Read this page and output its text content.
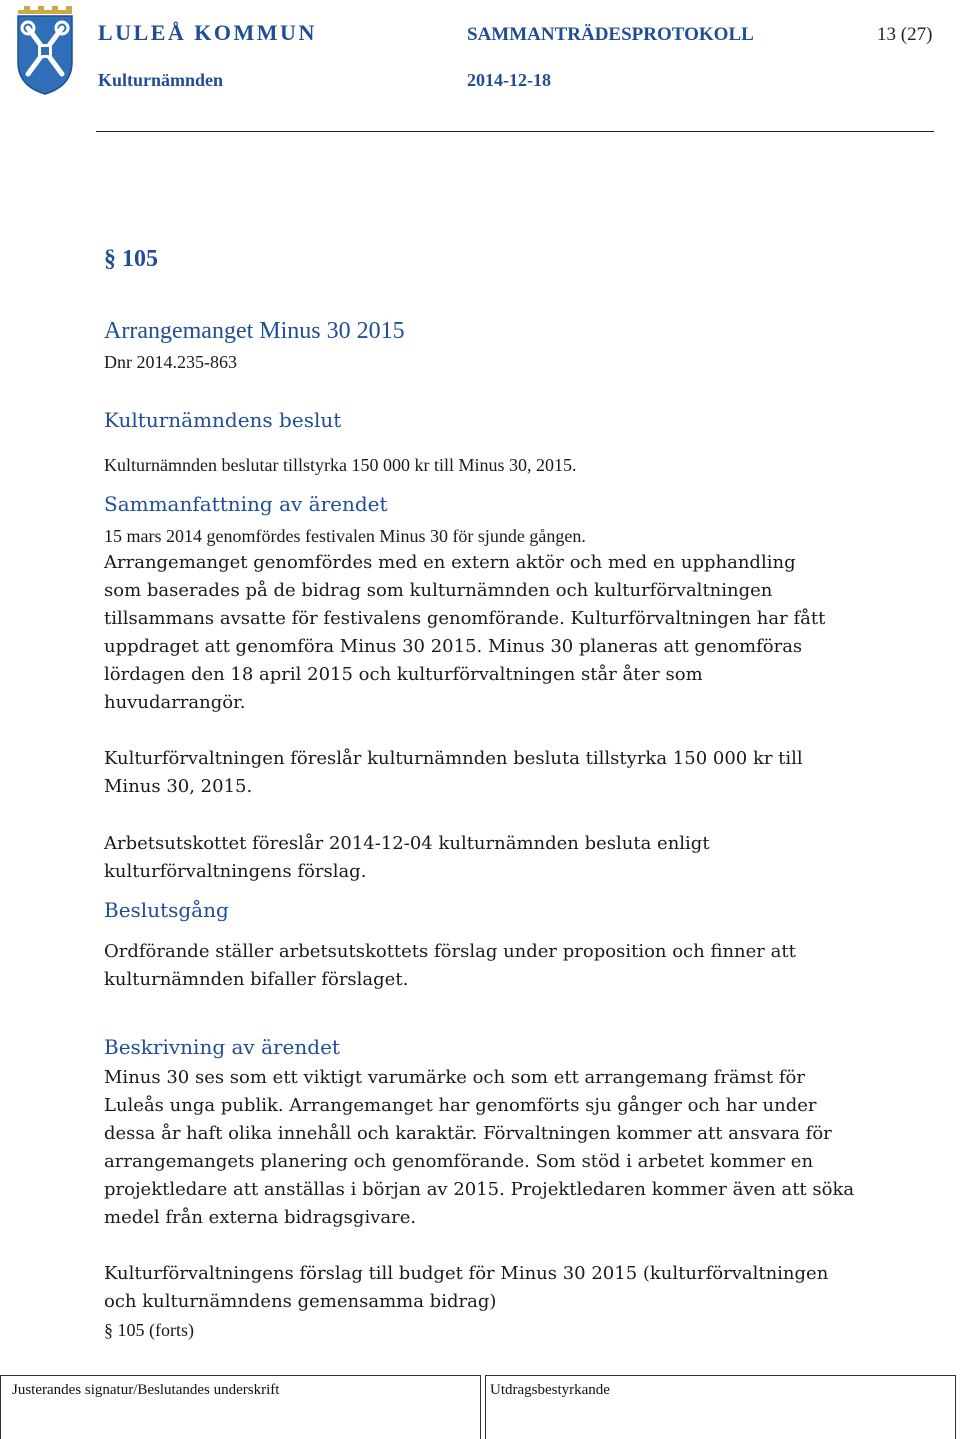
LULEÅ KOMMUN
Kulturnämnden
SAMMANTRÄDESPROTOKOLL
2014-12-18
13 (27)
§ 105
Arrangemanget Minus 30 2015
Dnr 2014.235-863
Kulturnämndens beslut
Kulturnämnden beslutar tillstyrka 150 000 kr till Minus 30, 2015.
Sammanfattning av ärendet
15 mars 2014 genomfördes festivalen Minus 30 för sjunde gången.
Arrangemanget genomfördes med en extern aktör och med en upphandling
som baserades på de bidrag som kulturnämnden och kulturförvaltningen
tillsammans avsatte för festivalens genomförande. Kulturförvaltningen har fått
uppdraget att genomföra Minus 30 2015. Minus 30 planeras att genomföras
lördagen den 18 april 2015 och kulturförvaltningen står åter som
huvudarrangör.
Kulturförvaltningen föreslår kulturnämnden besluta tillstyrka 150 000 kr till
Minus 30, 2015.
Arbetsutskottet föreslår 2014-12-04 kulturnämnden besluta enligt
kulturförvaltningens förslag.
Beslutsgång
Ordförande ställer arbetsutskottets förslag under proposition och finner att
kulturnämnden bifaller förslaget.
Beskrivning av ärendet
Minus 30 ses som ett viktigt varumärke och som ett arrangemang främst för
Luleås unga publik. Arrangemanget har genomförts sju gånger och har under
dessa år haft olika innehåll och karaktär. Förvaltningen kommer att ansvara för
arrangemangets planering och genomförande. Som stöd i arbetet kommer en
projektledare att anställas i början av 2015. Projektledaren kommer även att söka
medel från externa bidragsgivare.
Kulturförvaltningens förslag till budget för Minus 30 2015 (kulturförvaltningen
och kulturnämndens gemensamma bidrag)
§ 105 (forts)
Justerandes signatur/Beslutandes underskrift	Utdragsbestyrkande
